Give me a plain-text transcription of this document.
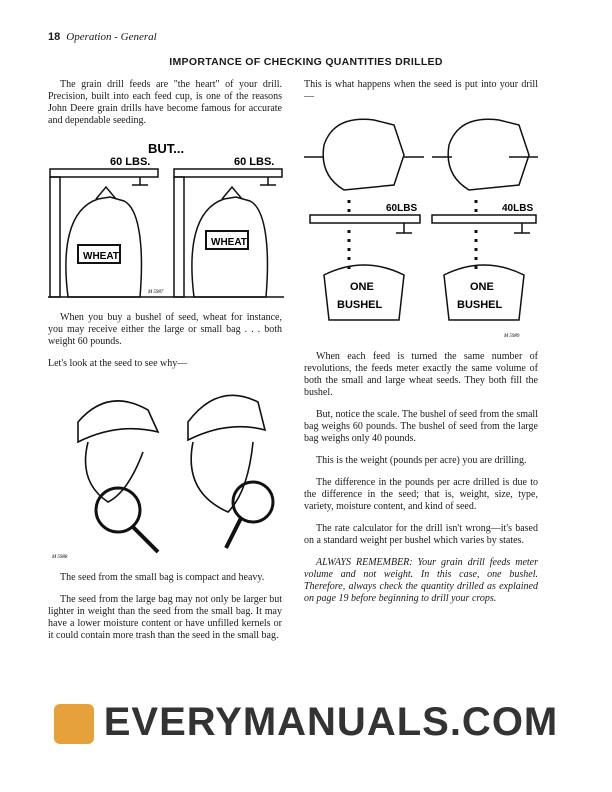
18 Operation - General
IMPORTANCE OF CHECKING QUANTITIES DRILLED
The grain drill feeds are "the heart" of your drill. Precision, built into each feed cup, is one of the reasons John Deere grain drills have become famous for accurate and dependable seeding.
BUT...
60 LBS.	60 LBS.
WHEAT
WHEAT
M 5987
When you buy a bushel of seed, wheat for instance, you may receive either the large or small bag . . . both weight 60 pounds.
Let's look at the seed to see why—
M 5988
The seed from the small bag is compact and heavy.
The seed from the large bag may not only be larger but lighter in weight than the seed from the small bag. It may have a lower moisture content or have unfilled kernels or it could contain more trash than the seed in the small bag.
This is what happens when the seed is put into your drill—
60LBS	40LBS
ONE
BUSHEL
ONE
BUSHEL
M 5989
When each feed is turned the same number of revolutions, the feeds meter exactly the same volume of both the small and large wheat seeds. They both fill the bushel.
But, notice the scale. The bushel of seed from the small bag weighs 60 pounds. The bushel of seed from the large bag weighs only 40 pounds.
This is the weight (pounds per acre) you are drilling.
The difference in the pounds per acre drilled is due to the difference in the seed; that is, weight, size, type, variety, moisture content, and kind of seed.
The rate calculator for the drill isn't wrong—it's based on a standard weight per bushel which varies by states.
ALWAYS REMEMBER: Your grain drill feeds meter volume and not weight. In this case, one bushel. Therefore, always check the quantity drilled as explained on page 19 before beginning to drill your crops.
EVERYMANUALS.COM
